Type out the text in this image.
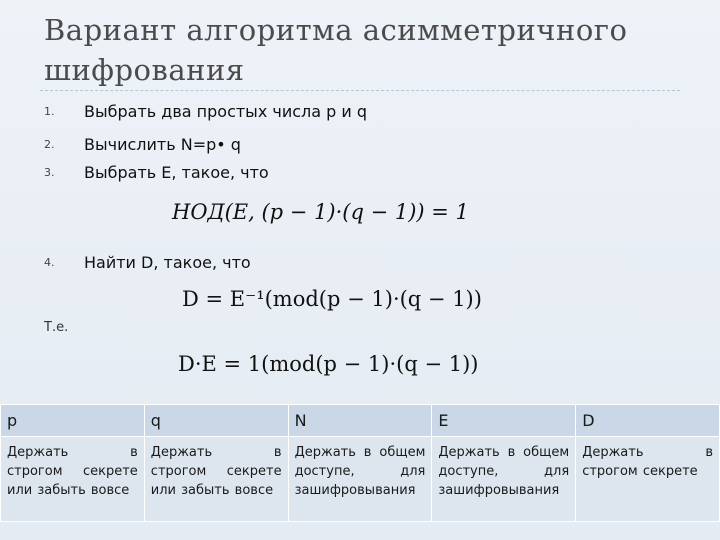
Вариант алгоритма асимметричного шифрования
1. Выбрать два простых числа p и q
2. Вычислить N=p• q
3. Выбрать E, такое, что
НОД(E, (p − 1)·(q − 1)) = 1
4. Найти D, такое, что
D = E⁻¹(mod(p − 1)·(q − 1))
Т.е.
D·E = 1(mod(p − 1)·(q − 1))
p	q	N	E	D
Держать в строгом секрете или забыть вовсе	Держать в строгом секрете или забыть вовсе	Держать в общем доступе, для зашифровывания	Держать в общем доступе, для зашифровывания	Держать в строгом секрете
